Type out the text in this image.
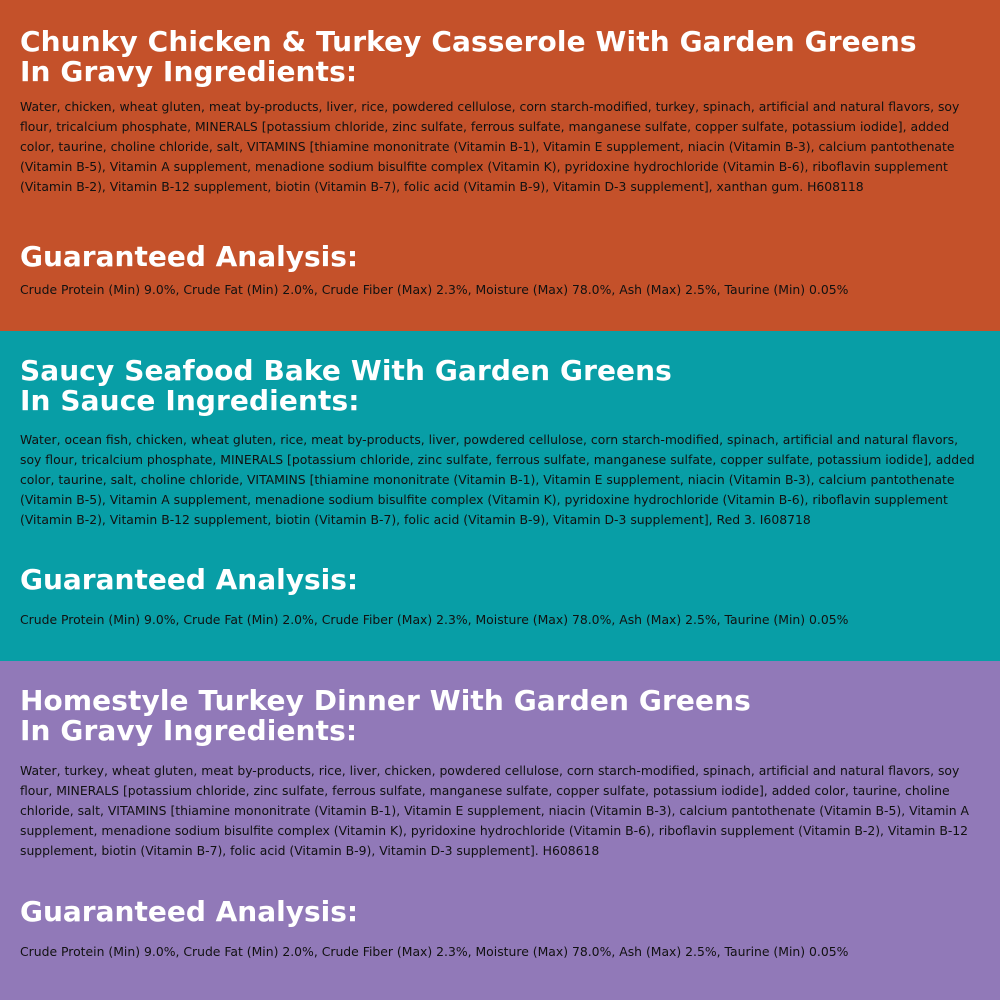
Chunky Chicken & Turkey Casserole With Garden Greens
In Gravy Ingredients:

Water, chicken, wheat gluten, meat by-products, liver, rice, powdered cellulose, corn starch-modified, turkey, spinach, artificial and natural flavors, soy flour, tricalcium phosphate, MINERALS [potassium chloride, zinc sulfate, ferrous sulfate, manganese sulfate, copper sulfate, potassium iodide], added color, taurine, choline chloride, salt, VITAMINS [thiamine mononitrate (Vitamin B-1), Vitamin E supplement, niacin (Vitamin B-3), calcium pantothenate (Vitamin B-5), Vitamin A supplement, menadione sodium bisulfite complex (Vitamin K), pyridoxine hydrochloride (Vitamin B-6), riboflavin supplement (Vitamin B-2), Vitamin B-12 supplement, biotin (Vitamin B-7), folic acid (Vitamin B-9), Vitamin D-3 supplement], xanthan gum. H608118

Guaranteed Analysis:

Crude Protein (Min) 9.0%, Crude Fat (Min) 2.0%, Crude Fiber (Max) 2.3%, Moisture (Max) 78.0%, Ash (Max) 2.5%, Taurine (Min) 0.05%

Saucy Seafood Bake With Garden Greens
In Sauce Ingredients:

Water, ocean fish, chicken, wheat gluten, rice, meat by-products, liver, powdered cellulose, corn starch-modified, spinach, artificial and natural flavors, soy flour, tricalcium phosphate, MINERALS [potassium chloride, zinc sulfate, ferrous sulfate, manganese sulfate, copper sulfate, potassium iodide], added color, taurine, salt, choline chloride, VITAMINS [thiamine mononitrate (Vitamin B-1), Vitamin E supplement, niacin (Vitamin B-3), calcium pantothenate (Vitamin B-5), Vitamin A supplement, menadione sodium bisulfite complex (Vitamin K), pyridoxine hydrochloride (Vitamin B-6), riboflavin supplement (Vitamin B-2), Vitamin B-12 supplement, biotin (Vitamin B-7), folic acid (Vitamin B-9), Vitamin D-3 supplement], Red 3. I608718

Guaranteed Analysis:

Crude Protein (Min) 9.0%, Crude Fat (Min) 2.0%, Crude Fiber (Max) 2.3%, Moisture (Max) 78.0%, Ash (Max) 2.5%, Taurine (Min) 0.05%

Homestyle Turkey Dinner With Garden Greens
In Gravy Ingredients:

Water, turkey, wheat gluten, meat by-products, rice, liver, chicken, powdered cellulose, corn starch-modified, spinach, artificial and natural flavors, soy flour, MINERALS [potassium chloride, zinc sulfate, ferrous sulfate, manganese sulfate, copper sulfate, potassium iodide], added color, taurine, choline chloride, salt, VITAMINS [thiamine mononitrate (Vitamin B-1), Vitamin E supplement, niacin (Vitamin B-3), calcium pantothenate (Vitamin B-5), Vitamin A supplement, menadione sodium bisulfite complex (Vitamin K), pyridoxine hydrochloride (Vitamin B-6), riboflavin supplement (Vitamin B-2), Vitamin B-12 supplement, biotin (Vitamin B-7), folic acid (Vitamin B-9), Vitamin D-3 supplement]. H608618

Guaranteed Analysis:

Crude Protein (Min) 9.0%, Crude Fat (Min) 2.0%, Crude Fiber (Max) 2.3%, Moisture (Max) 78.0%, Ash (Max) 2.5%, Taurine (Min) 0.05%
